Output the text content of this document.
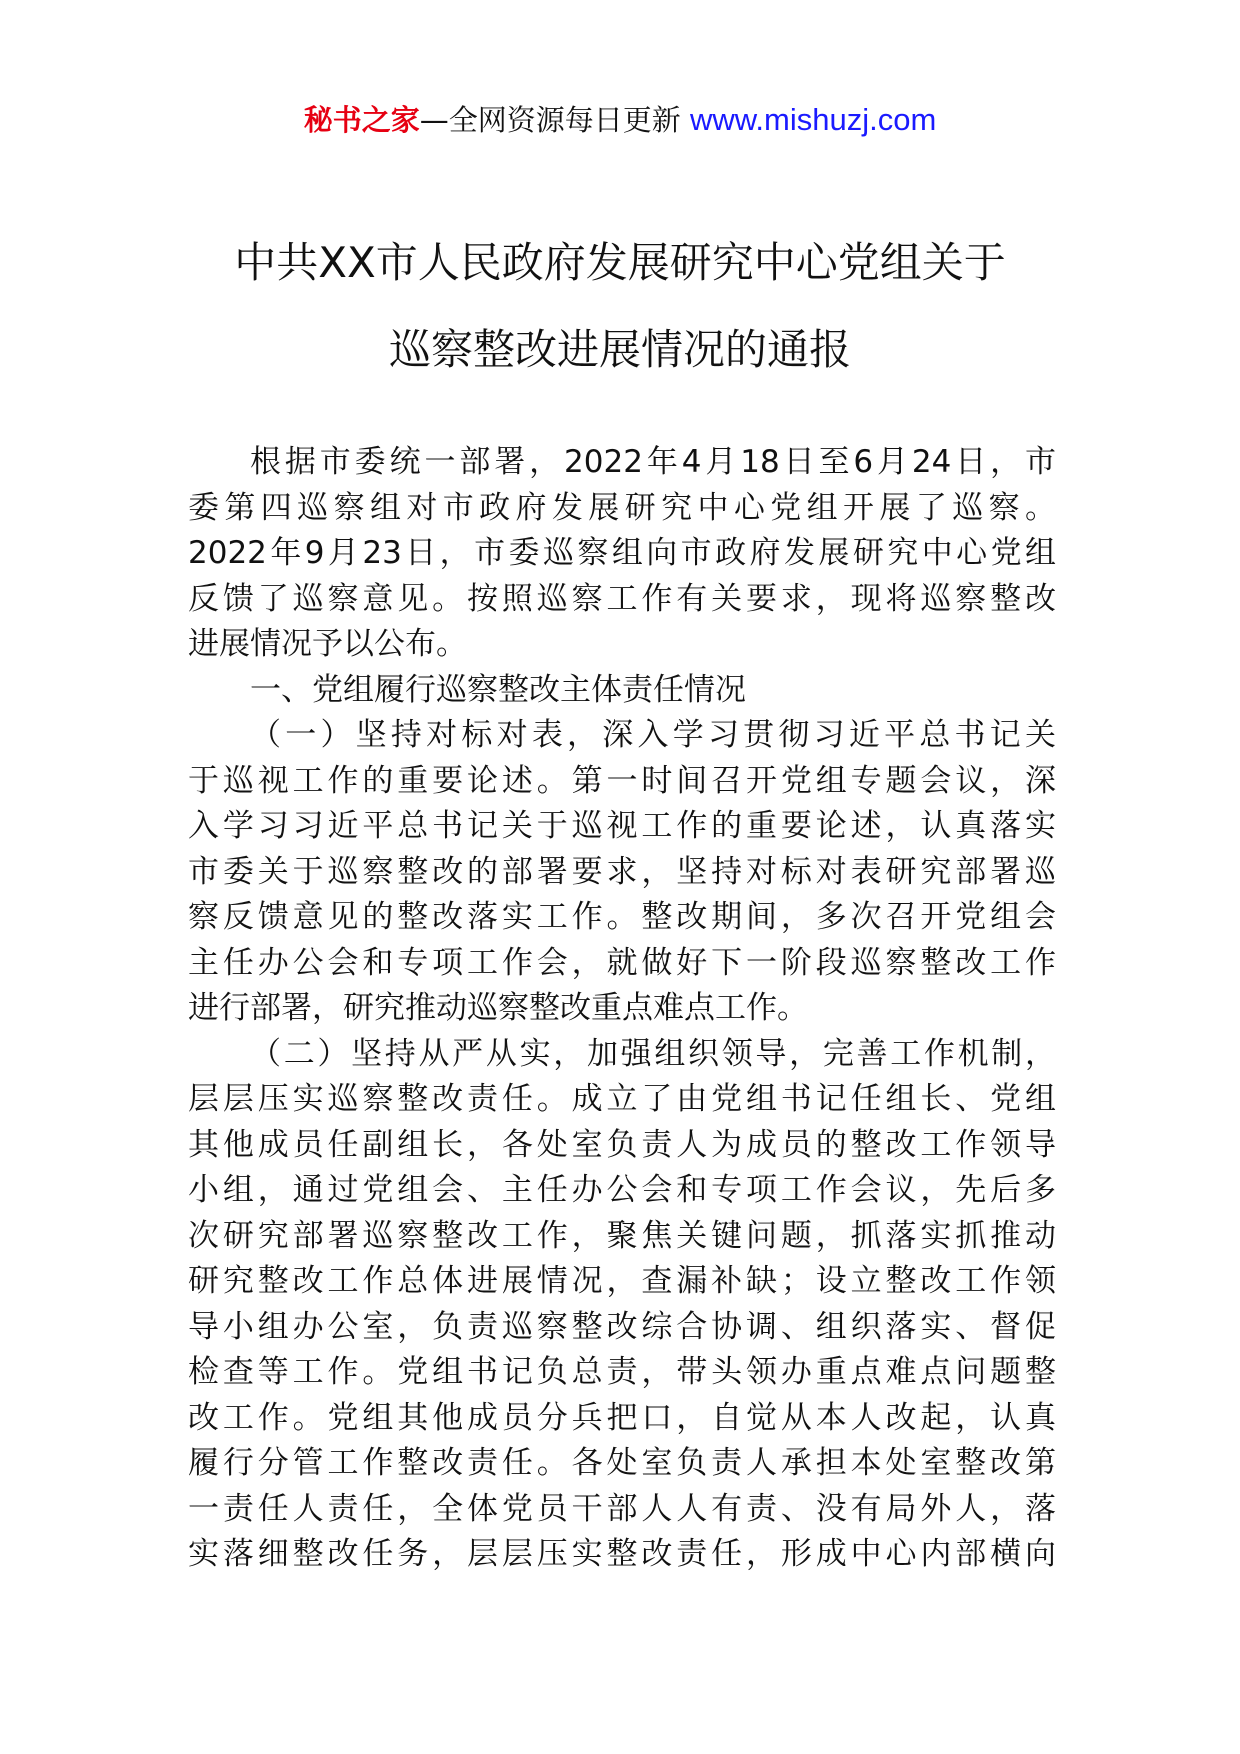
秘书之家—全网资源每日更新 www.mishuzj.com
中共XX市人民政府发展研究中心党组关于
巡察整改进展情况的通报
根据市委统一部署，2022年4月18日至6月24日，市
委第四巡察组对市政府发展研究中心党组开展了巡察。
2022年9月23日，市委巡察组向市政府发展研究中心党组
反馈了巡察意见。按照巡察工作有关要求，现将巡察整改
进展情况予以公布。
一、党组履行巡察整改主体责任情况
（一）坚持对标对表，深入学习贯彻习近平总书记关
于巡视工作的重要论述。第一时间召开党组专题会议，深
入学习习近平总书记关于巡视工作的重要论述，认真落实
市委关于巡察整改的部署要求，坚持对标对表研究部署巡
察反馈意见的整改落实工作。整改期间，多次召开党组会
主任办公会和专项工作会，就做好下一阶段巡察整改工作
进行部署，研究推动巡察整改重点难点工作。
（二）坚持从严从实，加强组织领导，完善工作机制，
层层压实巡察整改责任。成立了由党组书记任组长、党组
其他成员任副组长，各处室负责人为成员的整改工作领导
小组，通过党组会、主任办公会和专项工作会议，先后多
次研究部署巡察整改工作，聚焦关键问题，抓落实抓推动
研究整改工作总体进展情况，查漏补缺；设立整改工作领
导小组办公室，负责巡察整改综合协调、组织落实、督促
检查等工作。党组书记负总责，带头领办重点难点问题整
改工作。党组其他成员分兵把口，自觉从本人改起，认真
履行分管工作整改责任。各处室负责人承担本处室整改第
一责任人责任，全体党员干部人人有责、没有局外人，落
实落细整改任务，层层压实整改责任，形成中心内部横向
